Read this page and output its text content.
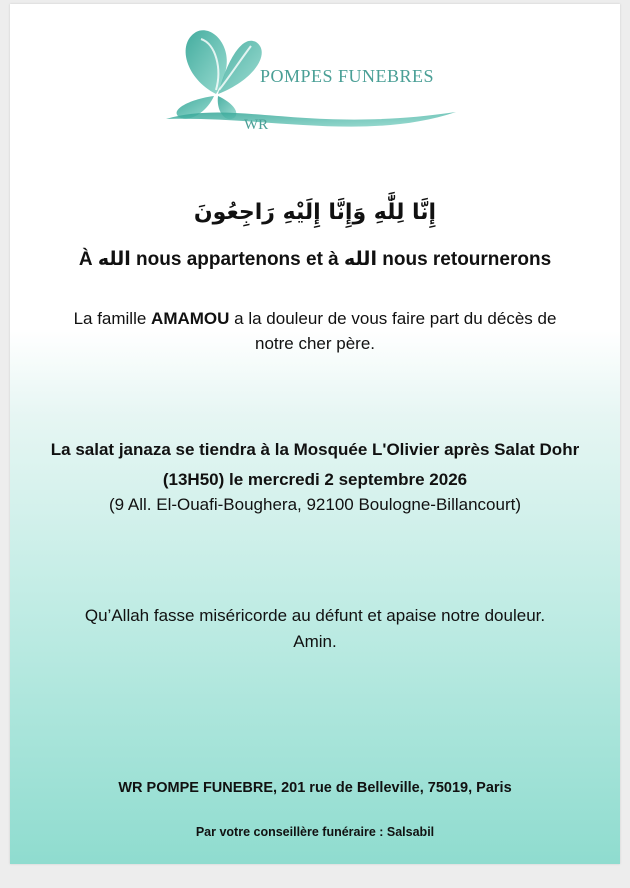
POMPES FUNEBRES
WR
إِنَّا لِلَّٰهِ وَإِنَّا إِلَيْهِ رَاجِعُونَ
À الله nous appartenons et à الله nous retournerons
La famille AMAMOU a la douleur de vous faire part du décès de
notre cher père.
La salat janaza se tiendra à la Mosquée L'Olivier après Salat Dohr
(13H50) le mercredi 2 septembre 2026
(9 All. El-Ouafi-Boughera, 92100 Boulogne-Billancourt)
Qu’Allah fasse miséricorde au défunt et apaise notre douleur.
Amin.
WR POMPE FUNEBRE, 201 rue de Belleville, 75019, Paris
Par votre conseillère funéraire : Salsabil
